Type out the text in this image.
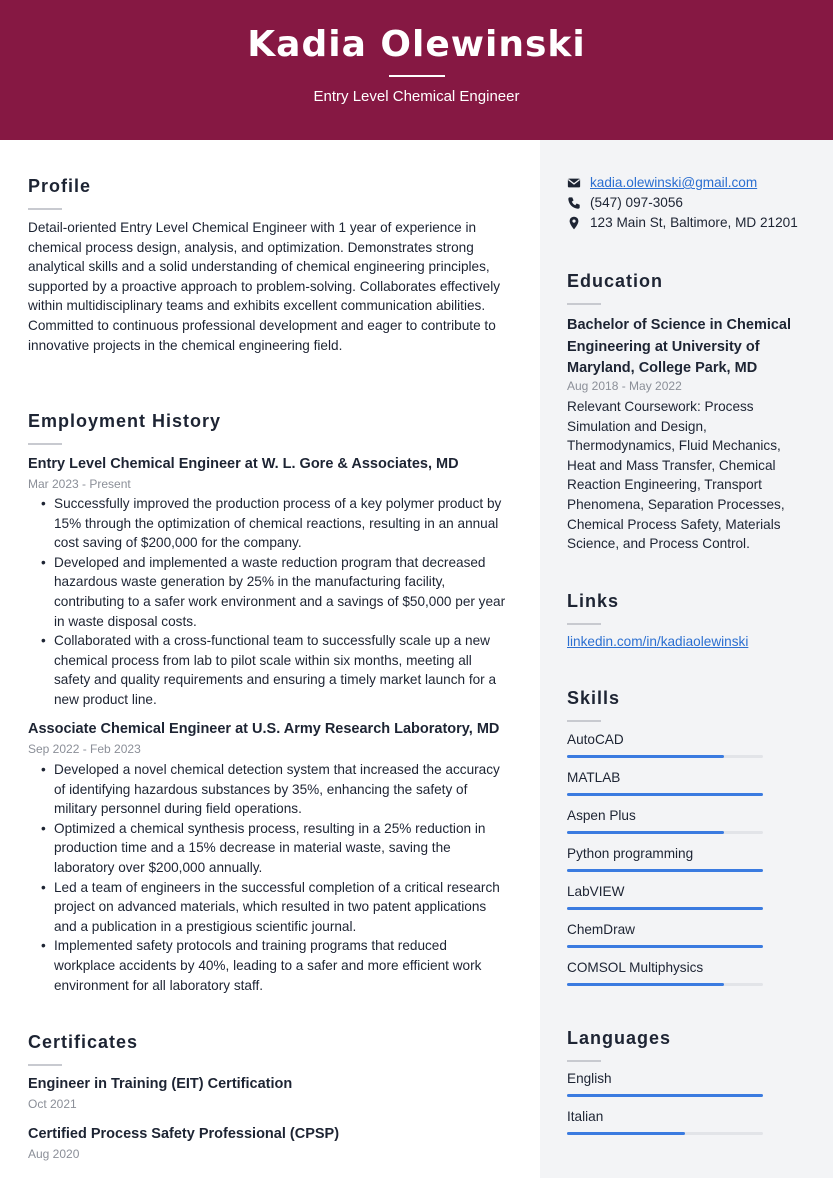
Kadia Olewinski
Entry Level Chemical Engineer
Profile
Detail-oriented Entry Level Chemical Engineer with 1 year of experience in chemical process design, analysis, and optimization. Demonstrates strong analytical skills and a solid understanding of chemical engineering principles, supported by a proactive approach to problem-solving. Collaborates effectively within multidisciplinary teams and exhibits excellent communication abilities. Committed to continuous professional development and eager to contribute to innovative projects in the chemical engineering field.
Employment History
Entry Level Chemical Engineer at W. L. Gore & Associates, MD
Mar 2023 - Present
• Successfully improved the production process of a key polymer product by 15% through the optimization of chemical reactions, resulting in an annual cost saving of $200,000 for the company.
• Developed and implemented a waste reduction program that decreased hazardous waste generation by 25% in the manufacturing facility, contributing to a safer work environment and a savings of $50,000 per year in waste disposal costs.
• Collaborated with a cross-functional team to successfully scale up a new chemical process from lab to pilot scale within six months, meeting all safety and quality requirements and ensuring a timely market launch for a new product line.
Associate Chemical Engineer at U.S. Army Research Laboratory, MD
Sep 2022 - Feb 2023
• Developed a novel chemical detection system that increased the accuracy of identifying hazardous substances by 35%, enhancing the safety of military personnel during field operations.
• Optimized a chemical synthesis process, resulting in a 25% reduction in production time and a 15% decrease in material waste, saving the laboratory over $200,000 annually.
• Led a team of engineers in the successful completion of a critical research project on advanced materials, which resulted in two patent applications and a publication in a prestigious scientific journal.
• Implemented safety protocols and training programs that reduced workplace accidents by 40%, leading to a safer and more efficient work environment for all laboratory staff.
Certificates
Engineer in Training (EIT) Certification
Oct 2021
Certified Process Safety Professional (CPSP)
Aug 2020
kadia.olewinski@gmail.com
(547) 097-3056
123 Main St, Baltimore, MD 21201
Education
Bachelor of Science in Chemical Engineering at University of Maryland, College Park, MD
Aug 2018 - May 2022
Relevant Coursework: Process Simulation and Design, Thermodynamics, Fluid Mechanics, Heat and Mass Transfer, Chemical Reaction Engineering, Transport Phenomena, Separation Processes, Chemical Process Safety, Materials Science, and Process Control.
Links
linkedin.com/in/kadiaolewinski
Skills
AutoCAD
MATLAB
Aspen Plus
Python programming
LabVIEW
ChemDraw
COMSOL Multiphysics
Languages
English
Italian
